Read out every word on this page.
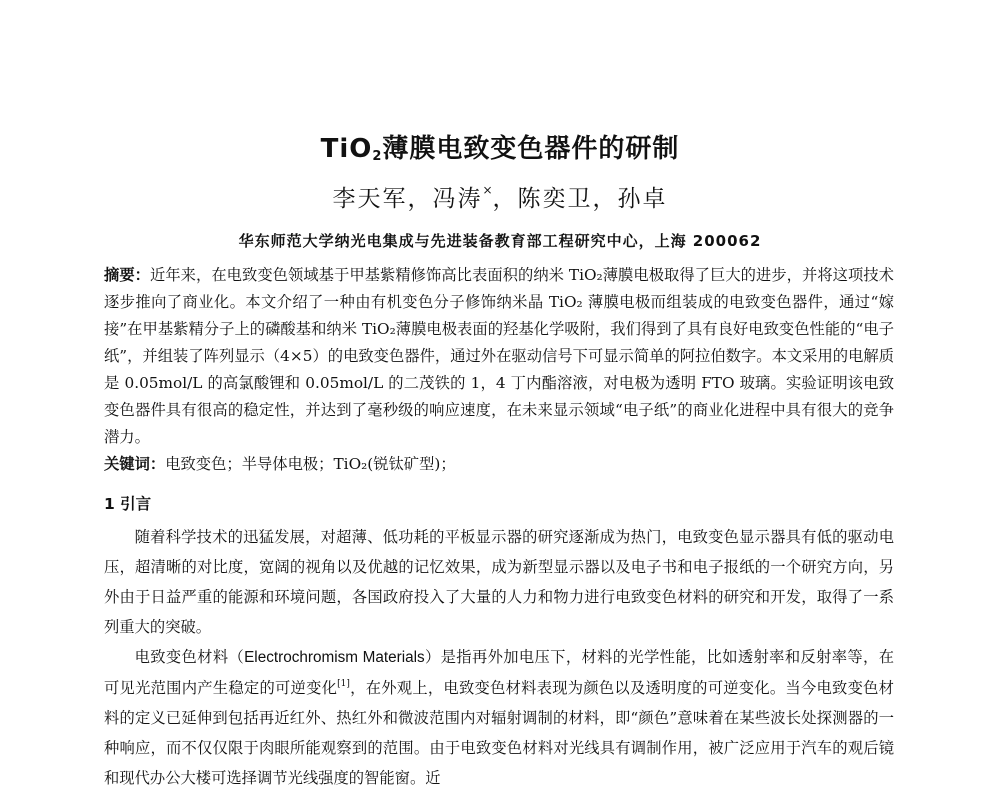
TiO$_2$薄膜电致变色器件的研制
李天军，冯涛×，陈奕卫，孙卓
华东师范大学纳光电集成与先进装备教育部工程研究中心，上海 200062

摘要：近年来，在电致变色领域基于甲基紫精修饰高比表面积的纳米 TiO₂薄膜电极取得了巨大的进步，并将这项技术逐步推向了商业化。本文介绍了一种由有机变色分子修饰纳米晶 TiO₂ 薄膜电极而组装成的电致变色器件，通过“嫁接”在甲基紫精分子上的磷酸基和纳米 TiO₂薄膜电极表面的羟基化学吸附，我们得到了具有良好电致变色性能的“电子纸”，并组装了阵列显示（4×5）的电致变色器件，通过外在驱动信号下可显示简单的阿拉伯数字。本文采用的电解质是 0.05mol/L 的高氯酸锂和 0.05mol/L 的二茂铁的 1，4 丁内酯溶液，对电极为透明 FTO 玻璃。实验证明该电致变色器件具有很高的稳定性，并达到了毫秒级的响应速度，在未来显示领域“电子纸”的商业化进程中具有很大的竞争潜力。

关键词：电致变色；半导体电极；TiO₂(锐钛矿型)；

1 引言

随着科学技术的迅猛发展，对超薄、低功耗的平板显示器的研究逐渐成为热门，电致变色显示器具有低的驱动电压，超清晰的对比度，宽阔的视角以及优越的记忆效果，成为新型显示器以及电子书和电子报纸的一个研究方向，另外由于日益严重的能源和环境问题，各国政府投入了大量的人力和物力进行电致变色材料的研究和开发，取得了一系列重大的突破。

电致变色材料（Electrochromism Materials）是指再外加电压下，材料的光学性能，比如透射率和反射率等，在可见光范围内产生稳定的可逆变化[1]，在外观上，电致变色材料表现为颜色以及透明度的可逆变化。当今电致变色材料的定义已延伸到包括再近红外、热红外和微波范围内对辐射调制的材料，即“颜色”意味着在某些波长处探测器的一种响应，而不仅仅限于肉眼所能观察到的范围。由于电致变色材料对光线具有调制作用，被广泛应用于汽车的观后镜和现代办公大楼可选择调节光线强度的智能窗。近
